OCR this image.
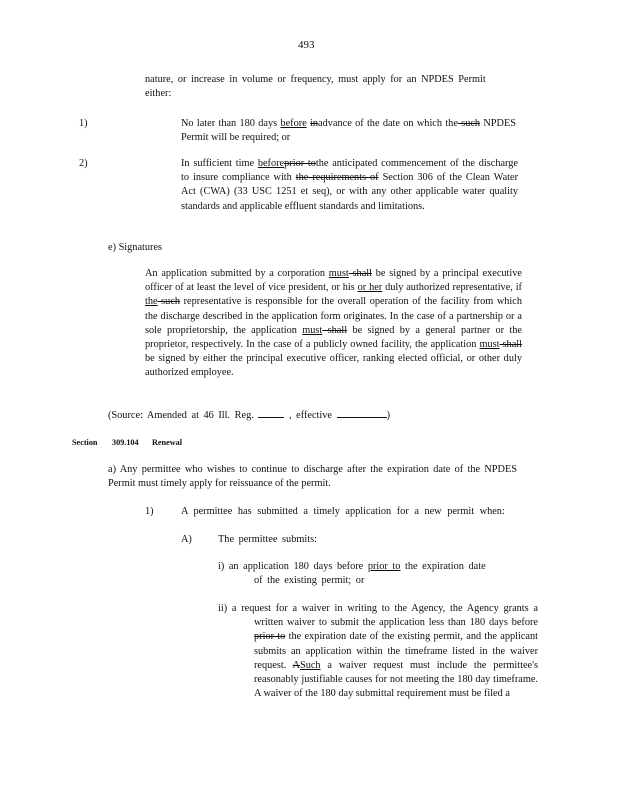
493
nature, or increase in volume or frequency, must apply for an NPDES Permit
either:
1)	No later than 180 days before inadvance of the date on which the such NPDES Permit will be required; or
2)	In sufficient time beforeprior tothe anticipated commencement of the discharge to insure compliance with the requirements of Section 306 of the Clean Water Act (CWA) (33 USC 1251 et seq), or with any other applicable water quality standards and applicable effluent standards and limitations.
e) Signatures
An application submitted by a corporation must shall be signed by a principal executive officer of at least the level of vice president, or his or her duly authorized representative, if the such representative is responsible for the overall operation of the facility from which the discharge described in the application form originates. In the case of a partnership or a sole proprietorship, the application must shall be signed by a general partner or the proprietor, respectively. In the case of a publicly owned facility, the application must shall be signed by either the principal executive officer, ranking elected official, or other duly authorized employee.
(Source: Amended at 46 Ill. Reg.	, effective	)
Section 309.104 Renewal
a) Any permittee who wishes to continue to discharge after the expiration date of the NPDES Permit must timely apply for reissuance of the permit.
1)	A permittee has submitted a timely application for a new permit when:
A)	The permittee submits:
i) an application 180 days before prior to the expiration date
of the existing permit; or
ii) a request for a waiver in writing to the Agency, the Agency grants a written waiver to submit the application less than 180 days before prior to the expiration date of the existing permit, and the applicant submits an application within the timeframe listed in the waiver request. ASuch a waiver request must include the permittee's reasonably justifiable causes for not meeting the 180 day timeframe. A waiver of the 180 day submittal requirement must be filed a
